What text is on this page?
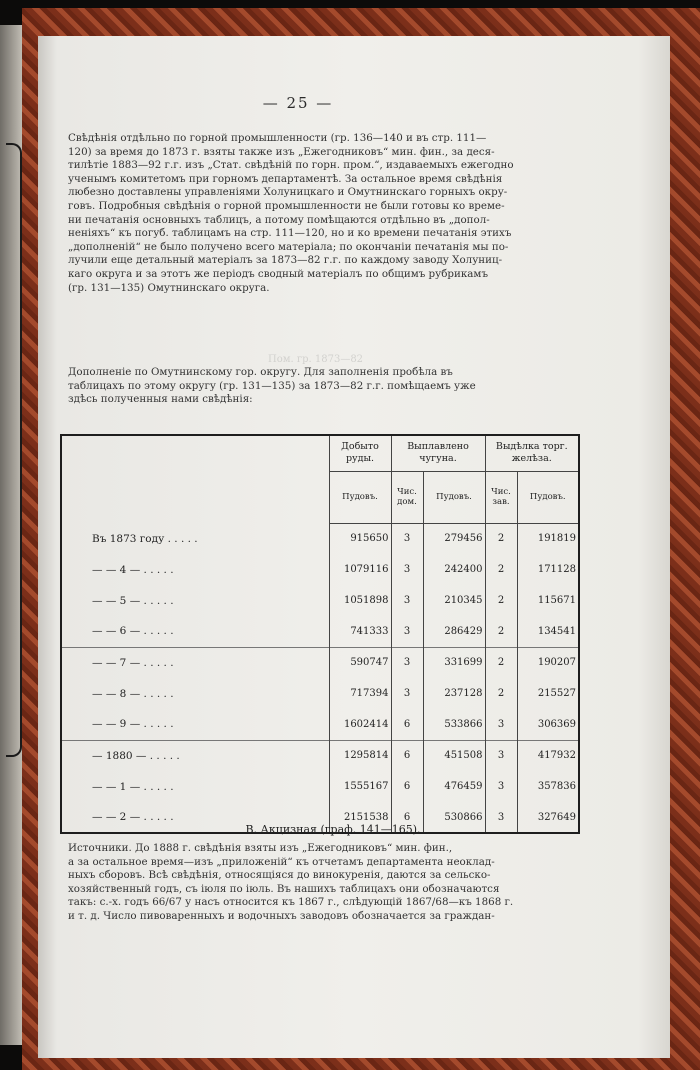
Пом. гр. 1873—82
— 25 —

Свѣдѣнія отдѣльно по горной промышленности (гр. 136—140 и въ стр. 111—

120) за время до 1873 г. взяты также изъ „Ежегодниковъ“ мин. фин., за деся-

тилѣтіе 1883—92 г.г. изъ „Стат. свѣдѣній по горн. пром.“, издаваемыхъ ежегодно

ученымъ комитетомъ при горномъ департаментѣ. За остальное время свѣдѣнія

любезно доставлены управленіями Холуницкаго и Омутнинскаго горныхъ окру-

говъ. Подробныя свѣдѣнія о горной промышленности не были готовы ко време-

ни печатанія основныхъ таблицъ, а потому помѣщаются отдѣльно въ „допол-

неніяхъ“ къ погуб. таблицамъ на стр. 111—120, но и ко времени печатанія этихъ

„дополненій“ не было получено всего матеріала; по окончаніи печатанія мы по-

лучили еще детальный матеріалъ за 1873—82 г.г. по каждому заводу Холуниц-

каго округа и за этотъ же періодъ сводный матеріалъ по общимъ рубрикамъ

(гр. 131—135) Омутнинскаго округа.

Дополненіе по Омутнинскому гор. округу. Для заполненія пробѣла въ

таблицахъ по этому округу (гр. 131—135) за 1873—82 г.г. помѣщаемъ уже

здѣсь полученныя нами свѣдѣнія:

	Добыто руды.	Выплавлено чугуна.		Выдѣлка торг. желѣза.	
	Пудовъ.	Чис. дом.	Пудовъ.	Чис. зав.	Пудовъ.
Въ 1873 году . . . . .	915650	3	279456	2	191819
— — 4 — . . . . .	1079116	3	242400	2	171128
— — 5 — . . . . .	1051898	3	210345	2	115671
— — 6 — . . . . .	741333	3	286429	2	134541
— — 7 — . . . . .	590747	3	331699	2	190207
— — 8 — . . . . .	717394	3	237128	2	215527
— — 9 — . . . . .	1602414	6	533866	3	306369
— 1880 — . . . . .	1295814	6	451508	3	417932
— — 1 — . . . . .	1555167	6	476459	3	357836
— — 2 — . . . . .	2151538	6	530866	3	327649
В. Акцизная (граф. 141—165).

Источники. До 1888 г. свѣдѣнія взяты изъ „Ежегодниковъ“ мин. фин.,

а за остальное время—изъ „приложеній“ къ отчетамъ департамента неоклад-

ныхъ сборовъ. Всѣ свѣдѣнія, относящіяся до винокуренія, даются за сельско-

хозяйственный годъ, съ іюля по іюль. Въ нашихъ таблицахъ они обозначаются

такъ: с.-х. годъ 66/67 у насъ относится къ 1867 г., слѣдующій 1867/68—къ 1868 г.

и т. д. Число пивоваренныхъ и водочныхъ заводовъ обозначается за граждан-
